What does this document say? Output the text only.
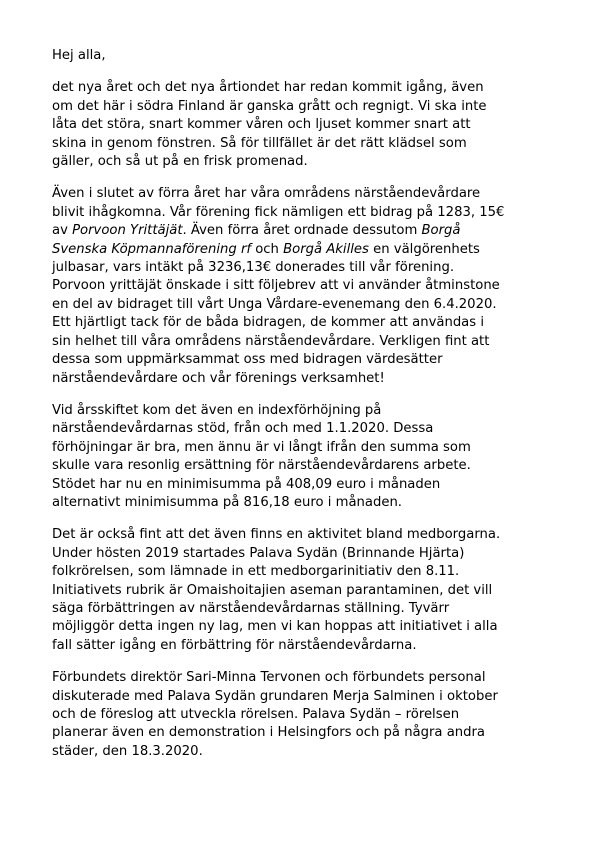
Hej alla,

det nya året och det nya årtiondet har redan kommit igång, även
om det här i södra Finland är ganska grått och regnigt. Vi ska inte
låta det störa, snart kommer våren och ljuset kommer snart att
skina in genom fönstren. Så för tillfället är det rätt klädsel som
gäller, och så ut på en frisk promenad.

Även i slutet av förra året har våra områdens närståendevårdare
blivit ihågkomna. Vår förening fick nämligen ett bidrag på 1283, 15€
av Porvoon Yrittäjät. Även förra året ordnade dessutom Borgå
Svenska Köpmannaförening rf och Borgå Akilles en välgörenhets
julbasar, vars intäkt på 3236,13€ donerades till vår förening.
Porvoon yrittäjät önskade i sitt följebrev att vi använder åtminstone
en del av bidraget till vårt Unga Vårdare-evenemang den 6.4.2020.
Ett hjärtligt tack för de båda bidragen, de kommer att användas i
sin helhet till våra områdens närståendevårdare. Verkligen fint att
dessa som uppmärksammat oss med bidragen värdesätter
närståendevårdare och vår förenings verksamhet!

Vid årsskiftet kom det även en indexförhöjning på
närståendevårdarnas stöd, från och med 1.1.2020. Dessa
förhöjningar är bra, men ännu är vi långt ifrån den summa som
skulle vara resonlig ersättning för närståendevårdarens arbete.
Stödet har nu en minimisumma på 408,09 euro i månaden
alternativt minimisumma på 816,18 euro i månaden.

Det är också fint att det även finns en aktivitet bland medborgarna.
Under hösten 2019 startades Palava Sydän (Brinnande Hjärta)
folkrörelsen, som lämnade in ett medborgarinitiativ den 8.11.
Initiativets rubrik är Omaishoitajien aseman parantaminen, det vill
säga förbättringen av närståendevårdarnas ställning. Tyvärr
möjliggör detta ingen ny lag, men vi kan hoppas att initiativet i alla
fall sätter igång en förbättring för närståendevårdarna.

Förbundets direktör Sari-Minna Tervonen och förbundets personal
diskuterade med Palava Sydän grundaren Merja Salminen i oktober
och de föreslog att utveckla rörelsen. Palava Sydän – rörelsen
planerar även en demonstration i Helsingfors och på några andra
städer, den 18.3.2020.
